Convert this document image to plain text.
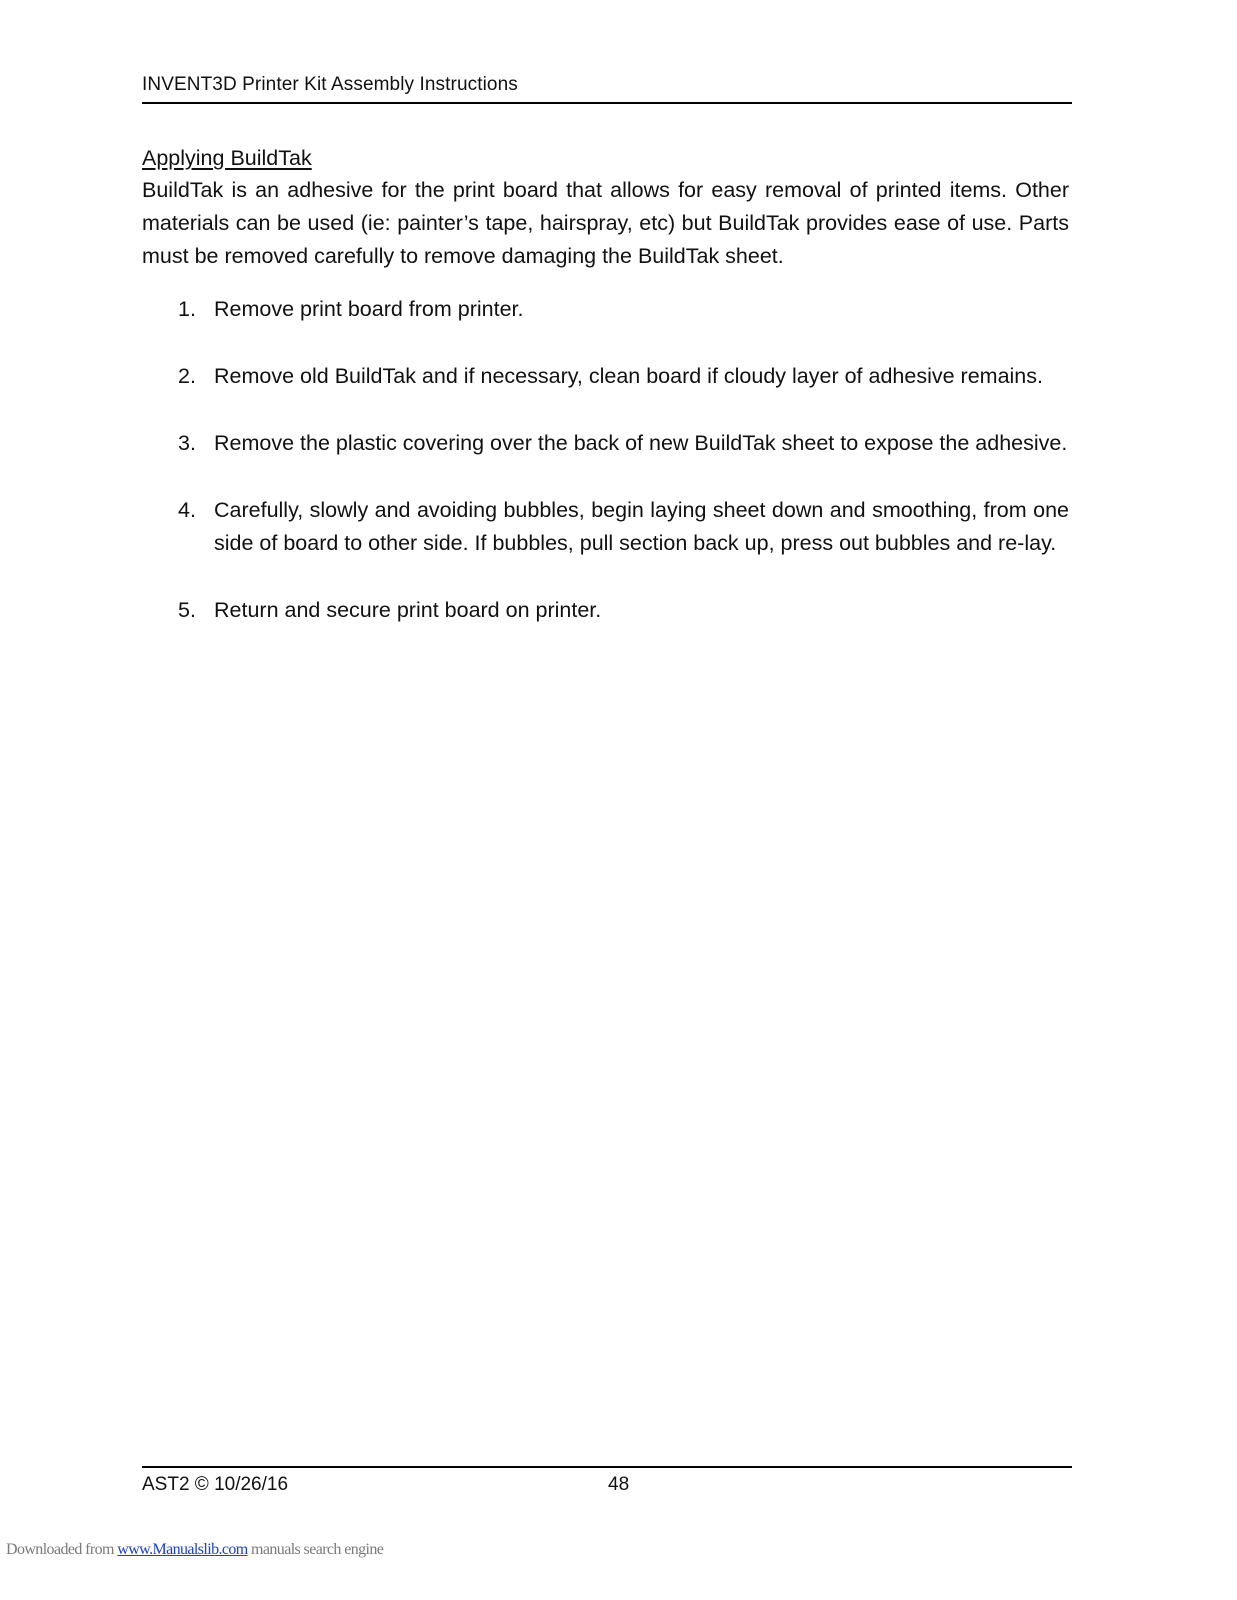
INVENT3D Printer Kit Assembly Instructions
Applying BuildTak

BuildTak is an adhesive for the print board that allows for easy removal of printed items. Other materials can be used (ie: painter’s tape, hairspray, etc) but BuildTak provides ease of use. Parts must be removed carefully to remove damaging the BuildTak sheet.

1. Remove print board from printer.
2. Remove old BuildTak and if necessary, clean board if cloudy layer of adhesive remains.
3. Remove the plastic covering over the back of new BuildTak sheet to expose the adhesive.
4. Carefully, slowly and avoiding bubbles, begin laying sheet down and smoothing, from one side of board to other side. If bubbles, pull section back up, press out bubbles and re-lay.
5. Return and secure print board on printer.
AST2 © 10/26/16	48
Downloaded from www.Manualslib.com manuals search engine
